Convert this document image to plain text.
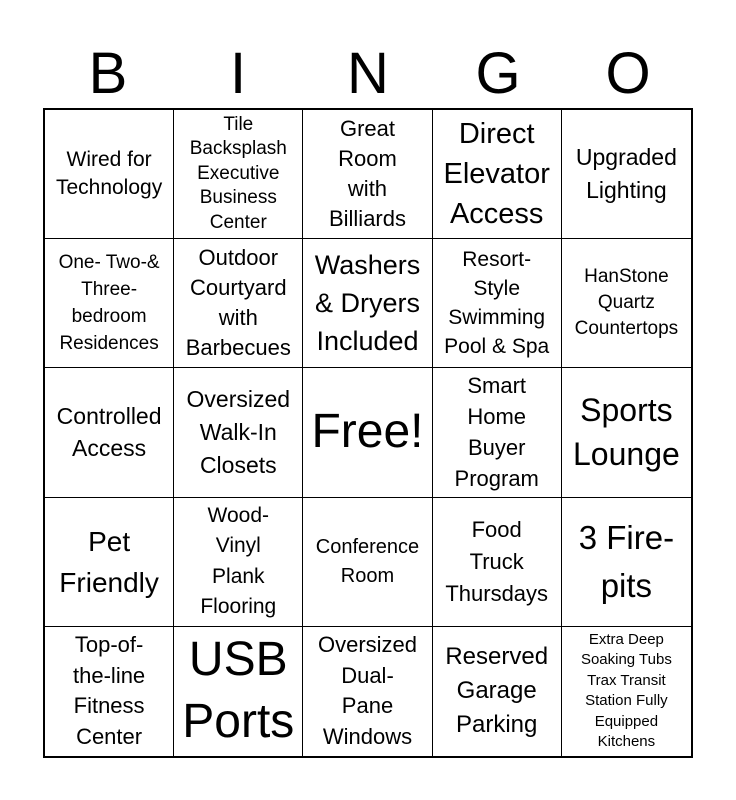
B	I	N	G	O
Wired for
Technology
Tile
Backsplash
Executive
Business
Center
Great
Room
with
Billiards
Direct
Elevator
Access
Upgraded
Lighting
One- Two-&
Three-
bedroom
Residences
Outdoor
Courtyard
with
Barbecues
Washers
& Dryers
Included
Resort-
Style
Swimming
Pool & Spa
HanStone
Quartz
Countertops
Controlled
Access
Oversized
Walk-In
Closets
Free!
Smart
Home
Buyer
Program
Sports
Lounge
Pet
Friendly
Wood-
Vinyl
Plank
Flooring
Conference
Room
Food
Truck
Thursdays
3 Fire-
pits
Top-of-
the-line
Fitness
Center
USB
Ports
Oversized
Dual-
Pane
Windows
Reserved
Garage
Parking
Extra Deep
Soaking Tubs
Trax Transit
Station Fully
Equipped
Kitchens
